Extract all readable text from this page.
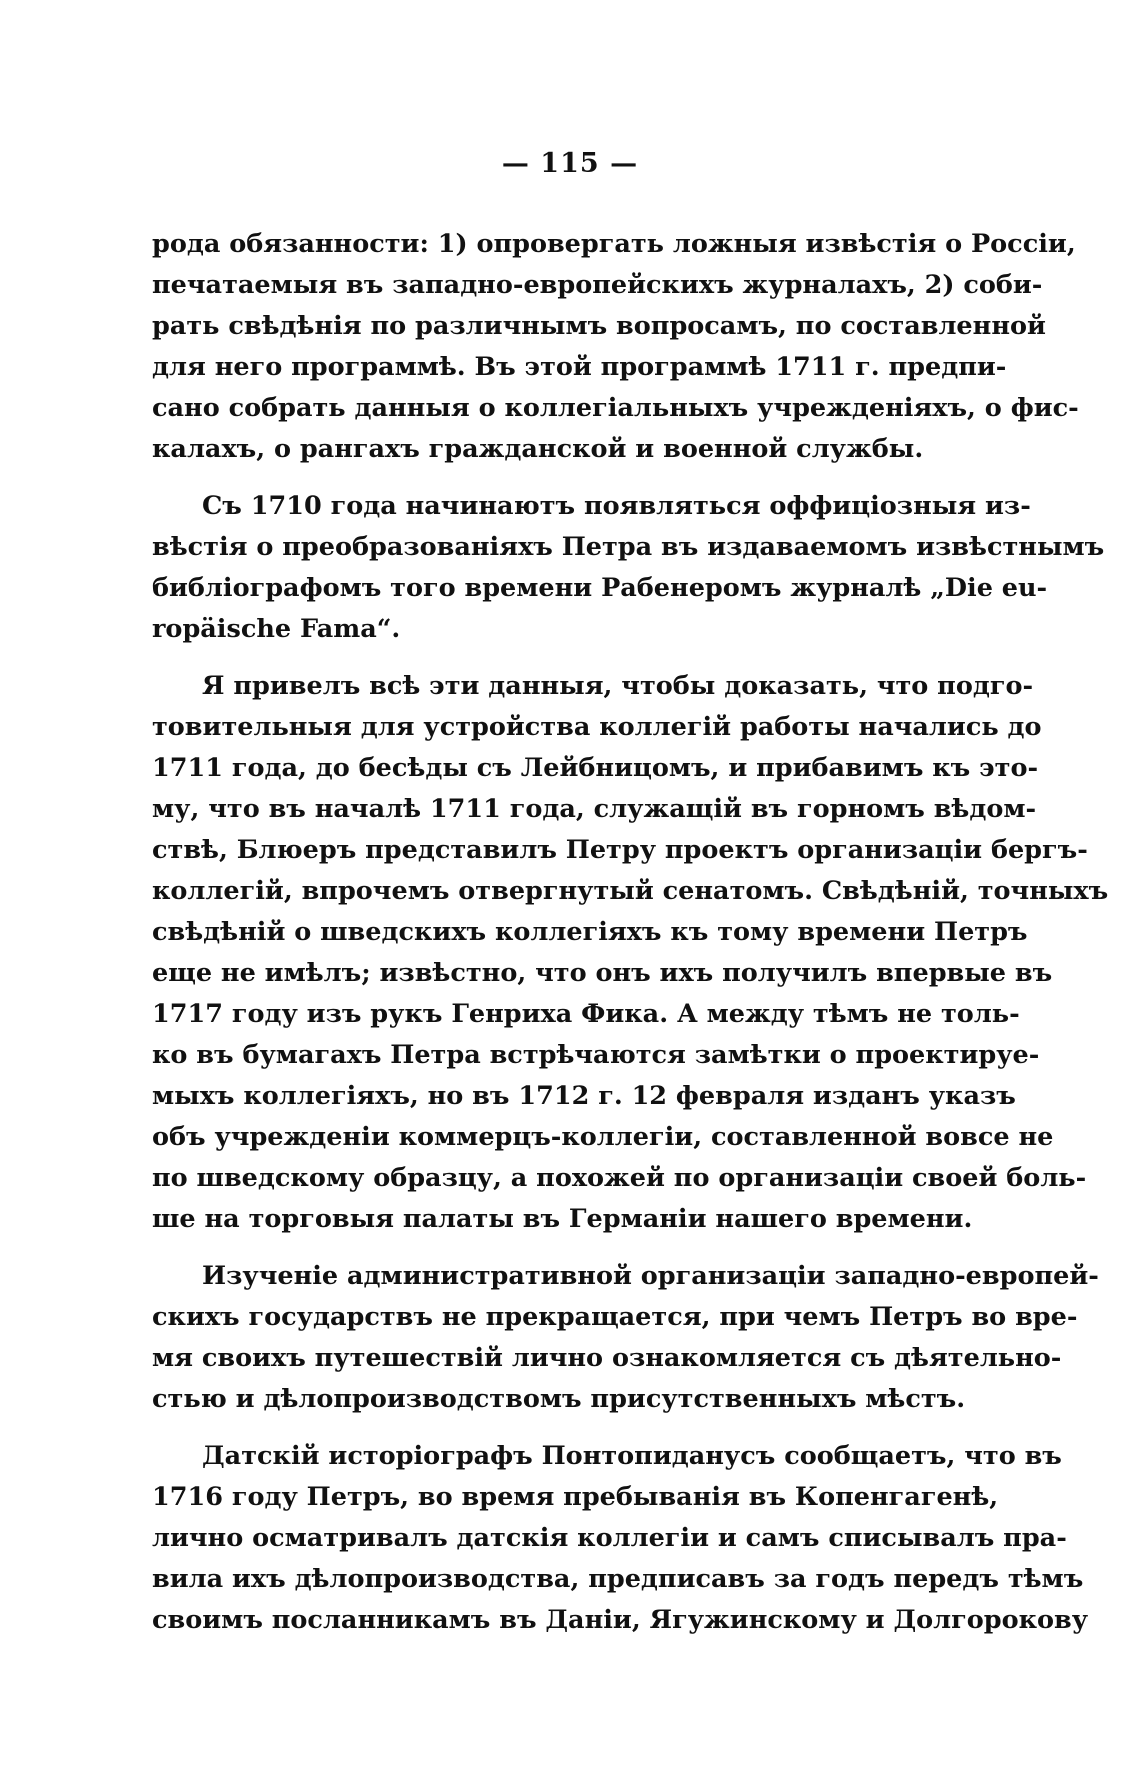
— 115 —
рода обязанности: 1) опровергать ложныя извѣстія о Россіи,
печатаемыя въ западно-европейскихъ журналахъ, 2) соби-
рать свѣдѣнія по различнымъ вопросамъ, по составленной
для него программѣ. Въ этой программѣ 1711 г. предпи-
сано собрать данныя о коллегіальныхъ учрежденіяхъ, о фис-
калахъ, о рангахъ гражданской и военной службы.
Съ 1710 года начинаютъ появляться оффиціозныя из-
вѣстія о преобразованіяхъ Петра въ издаваемомъ извѣстнымъ
библіографомъ того времени Рабенеромъ журналѣ „Die eu-
ropäische Fama“.
Я привелъ всѣ эти данныя, чтобы доказать, что подго-
товительныя для устройства коллегій работы начались до
1711 года, до бесѣды съ Лейбницомъ, и прибавимъ къ это-
му, что въ началѣ 1711 года, служащій въ горномъ вѣдом-
ствѣ, Блюеръ представилъ Петру проектъ организаціи бергъ-
коллегій, впрочемъ отвергнутый сенатомъ. Свѣдѣній, точныхъ
свѣдѣній о шведскихъ коллегіяхъ къ тому времени Петръ
еще не имѣлъ; извѣстно, что онъ ихъ получилъ впервые въ
1717 году изъ рукъ Генриха Фика. А между тѣмъ не толь-
ко въ бумагахъ Петра встрѣчаются замѣтки о проектируе-
мыхъ коллегіяхъ, но въ 1712 г. 12 февраля изданъ указъ
объ учрежденіи коммерцъ-коллегіи, составленной вовсе не
по шведскому образцу, а похожей по организаціи своей боль-
ше на торговыя палаты въ Германіи нашего времени.
Изученіе административной организаціи западно-европей-
скихъ государствъ не прекращается, при чемъ Петръ во вре-
мя своихъ путешествій лично ознакомляется съ дѣятельно-
стью и дѣлопроизводствомъ присутственныхъ мѣстъ.
Датскій исторіографъ Понтопиданусъ сообщаетъ, что въ
1716 году Петръ, во время пребыванія въ Копенгагенѣ,
лично осматривалъ датскія коллегіи и самъ списывалъ пра-
вила ихъ дѣлопроизводства, предписавъ за годъ передъ тѣмъ
своимъ посланникамъ въ Даніи, Ягужинскому и Долгорокову
